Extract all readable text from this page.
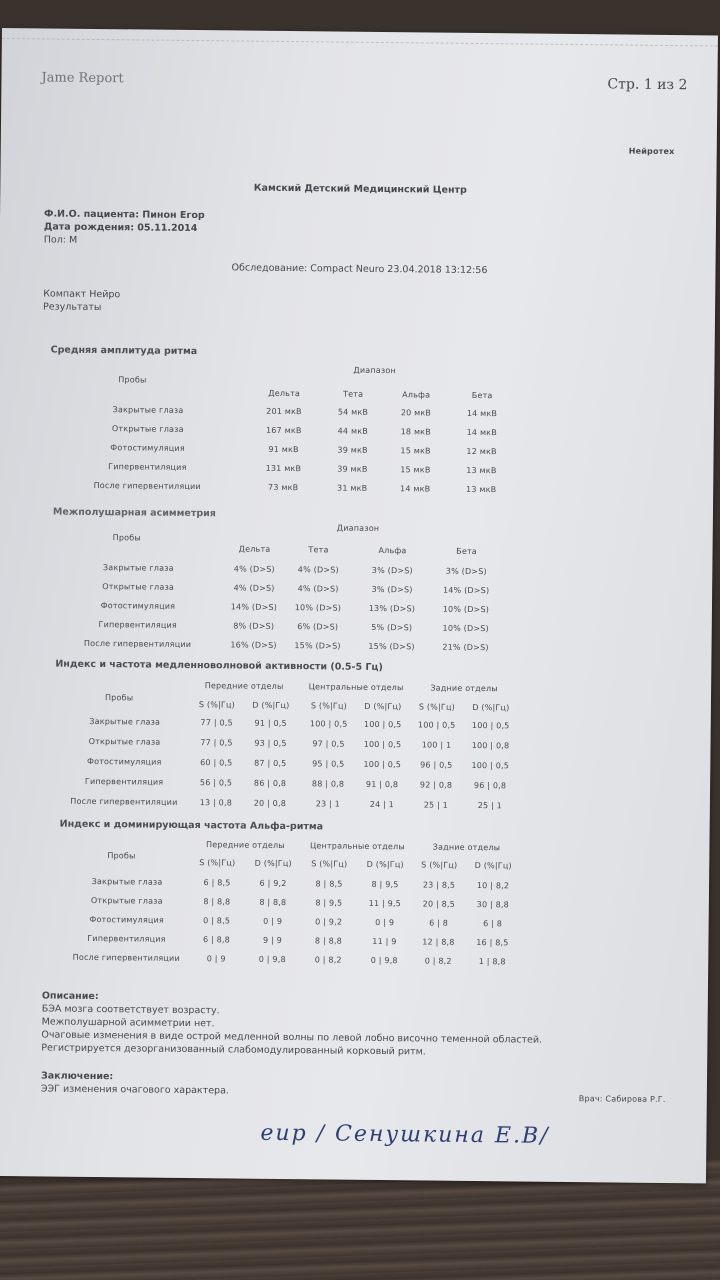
Jame Report	Стр. 1 из 2
Нейротех
Камский Детский Медицинский Центр
Ф.И.О. пациента: Пинон Егор
Дата рождения: 05.11.2014
Пол: М
Обследование: Compact Neuro 23.04.2018 13:12:56
Компакт Нейро
Результаты
Средняя амплитуда ритма
Диапазон
Пробы
Дельта	Тета	Альфа	Бета
Закрытые глаза	201 мкВ	54 мкВ	20 мкВ	14 мкВ
Открытые глаза	167 мкВ	44 мкВ	18 мкВ	14 мкВ
Фотостимуляция	91 мкВ	39 мкВ	15 мкВ	12 мкВ
Гипервентиляция	131 мкВ	39 мкВ	15 мкВ	13 мкВ
После гипервентиляции	73 мкВ	31 мкВ	14 мкВ	13 мкВ
Межполушарная асимметрия
Диапазон
Пробы
Дельта	Тета	Альфа	Бета
Закрытые глаза	4% (D>S)	4% (D>S)	3% (D>S)	3% (D>S)
Открытые глаза	4% (D>S)	4% (D>S)	3% (D>S)	14% (D>S)
Фотостимуляция	14% (D>S)	10% (D>S)	13% (D>S)	10% (D>S)
Гипервентиляция	8% (D>S)	6% (D>S)	5% (D>S)	10% (D>S)
После гипервентиляции	16% (D>S)	15% (D>S)	15% (D>S)	21% (D>S)
Индекс и частота медленноволновой активности (0.5-5 Гц)
Пробы
Передние отделы	Центральные отделы	Задние отделы
S (%|Гц)	D (%|Гц)	S (%|Гц)	D (%|Гц)	S (%|Гц)	D (%|Гц)
Закрытые глаза	77 | 0,5	91 | 0,5	100 | 0,5	100 | 0,5	100 | 0,5	100 | 0,5
Открытые глаза	77 | 0,5	93 | 0,5	97 | 0,5	100 | 0,5	100 | 1	100 | 0,8
Фотостимуляция	60 | 0,5	87 | 0,5	95 | 0,5	100 | 0,5	96 | 0,5	100 | 0,5
Гипервентиляция	56 | 0,5	86 | 0,8	88 | 0,8	91 | 0,8	92 | 0,8	96 | 0,8
После гипервентиляции	13 | 0,8	20 | 0,8	23 | 1	24 | 1	25 | 1	25 | 1
Индекс и доминирующая частота Альфа-ритма
Пробы
Передние отделы	Центральные отделы	Задние отделы
S (%|Гц)	D (%|Гц)	S (%|Гц)	D (%|Гц)	S (%|Гц)	D (%|Гц)
Закрытые глаза	6 | 8,5	6 | 9,2	8 | 8,5	8 | 9,5	23 | 8,5	10 | 8,2
Открытые глаза	8 | 8,8	8 | 8,8	8 | 9,5	11 | 9,5	20 | 8,5	30 | 8,8
Фотостимуляция	0 | 8,5	0 | 9	0 | 9,2	0 | 9	6 | 8	6 | 8
Гипервентиляция	6 | 8,8	9 | 9	8 | 8,8	11 | 9	12 | 8,8	16 | 8,5
После гипервентиляции	0 | 9	0 | 9,8	0 | 8,2	0 | 9,8	0 | 8,2	1 | 8,8
Описание:
БЭА мозга соответствует возрасту.
Межполушарной асимметрии нет.
Очаговые изменения в виде острой медленной волны по левой лобно височно теменной областей.
Регистрируется дезорганизованный слабомодулированный корковый ритм.
Заключение:
ЭЭГ изменения очагового характера.
Врач: Сабирова Р.Г.
eup / Сенушкина Е.В/
